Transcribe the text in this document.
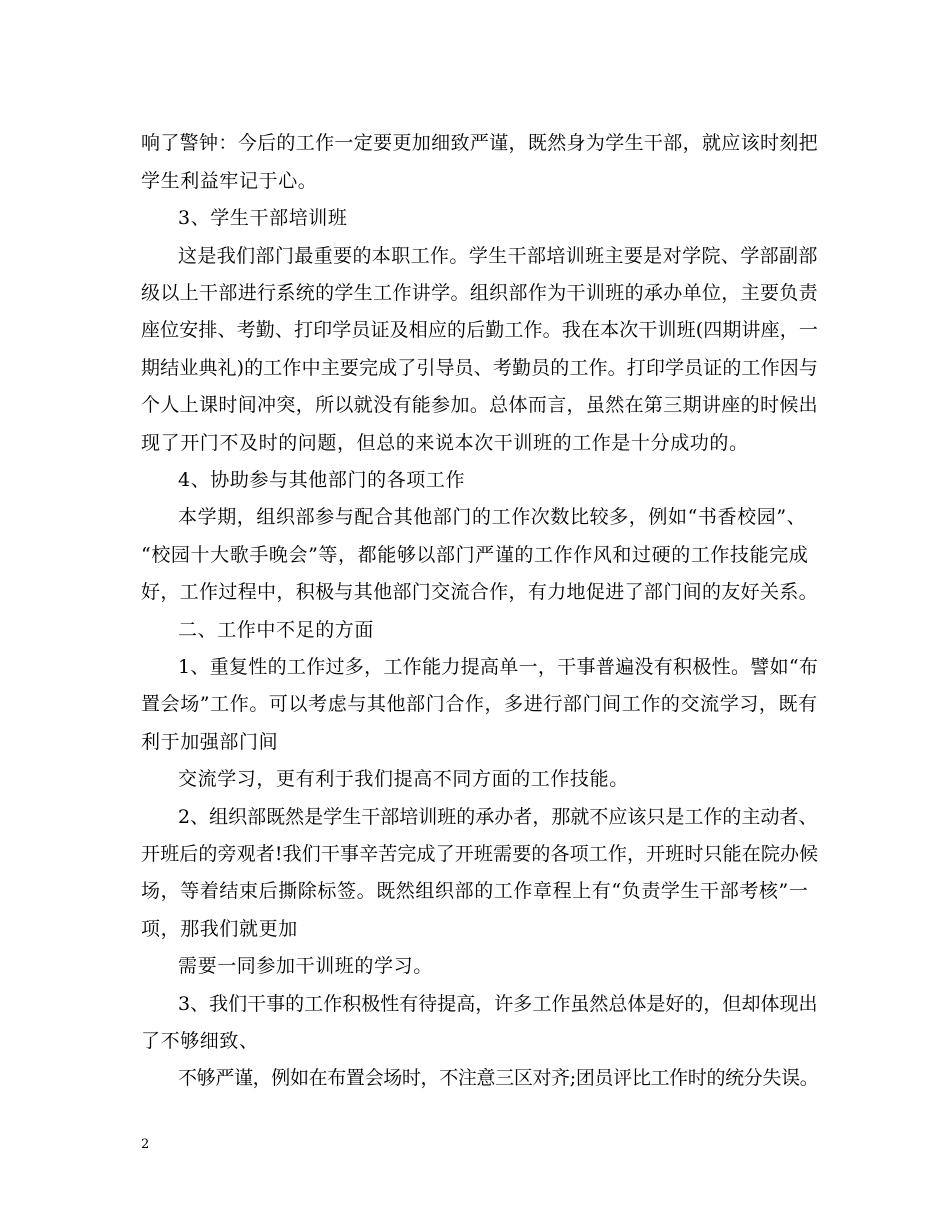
响了警钟：今后的工作一定要更加细致严谨，既然身为学生干部，就应该时刻把
学生利益牢记于心。
3、学生干部培训班
这是我们部门最重要的本职工作。学生干部培训班主要是对学院、学部副部
级以上干部进行系统的学生工作讲学。组织部作为干训班的承办单位，主要负责
座位安排、考勤、打印学员证及相应的后勤工作。我在本次干训班(四期讲座，一
期结业典礼)的工作中主要完成了引导员、考勤员的工作。打印学员证的工作因与
个人上课时间冲突，所以就没有能参加。总体而言，虽然在第三期讲座的时候出
现了开门不及时的问题，但总的来说本次干训班的工作是十分成功的。
4、协助参与其他部门的各项工作
本学期，组织部参与配合其他部门的工作次数比较多，例如“书香校园”、
“校园十大歌手晚会”等，都能够以部门严谨的工作作风和过硬的工作技能完成
好，工作过程中，积极与其他部门交流合作，有力地促进了部门间的友好关系。
二、工作中不足的方面
1、重复性的工作过多，工作能力提高单一，干事普遍没有积极性。譬如“布
置会场”工作。可以考虑与其他部门合作，多进行部门间工作的交流学习，既有
利于加强部门间
交流学习，更有利于我们提高不同方面的工作技能。
2、组织部既然是学生干部培训班的承办者，那就不应该只是工作的主动者、
开班后的旁观者!我们干事辛苦完成了开班需要的各项工作，开班时只能在院办候
场，等着结束后撕除标签。既然组织部的工作章程上有“负责学生干部考核”一
项，那我们就更加
需要一同参加干训班的学习。
3、我们干事的工作积极性有待提高，许多工作虽然总体是好的，但却体现出
了不够细致、
不够严谨，例如在布置会场时，不注意三区对齐;团员评比工作时的统分失误。
2
